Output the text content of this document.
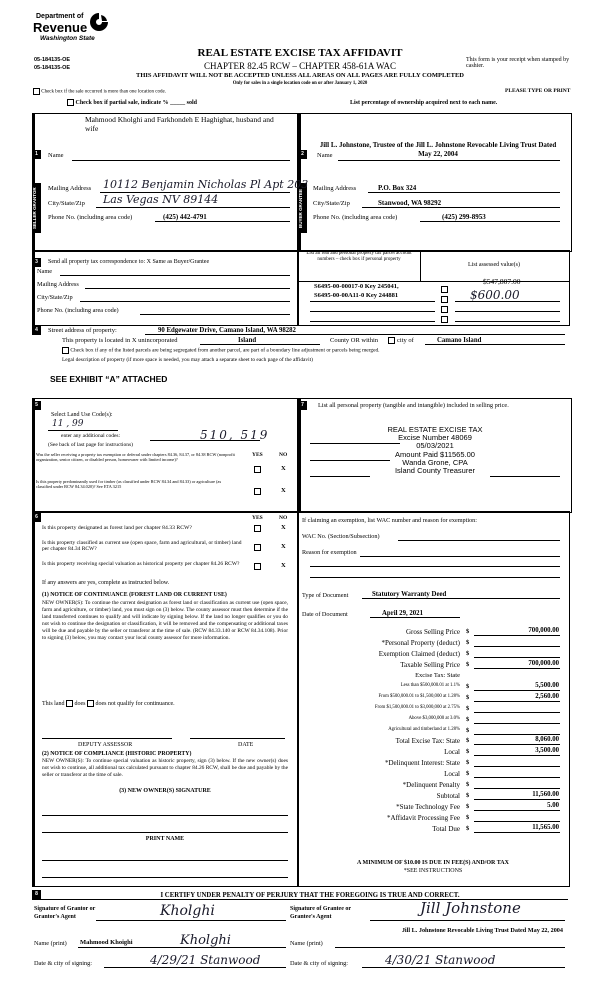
Department of
Revenue
Washington State
05-184135-OE
05-184135-OE
REAL ESTATE EXCISE TAX AFFIDAVIT
CHAPTER 82.45 RCW – CHAPTER 458-61A WAC
This form is your receipt when stamped by cashier.
THIS AFFIDAVIT WILL NOT BE ACCEPTED UNLESS ALL AREAS ON ALL PAGES ARE FULLY COMPLETED
Only for sales in a single location code on or after January 1, 2020
Check box if the sale occurred is more than one location code.	PLEASE TYPE OR PRINT
Check box if partial sale, indicate % _____ sold	List percentage of ownership acquired next to each name.
1	2
SELLER GRANTOR	BUYER GRANTEE
Mahmood Kholghi and Farkhondeh E Haghighat, husband and wife
Name
Mailing Address 10112 Benjamin Nicholas Pl Apt 203
City/State/Zip Las Vegas NV 89144
Phone No. (including area code)	(425) 442-4791
Jill L. Johnstone, Trustee of the Jill L. Johnstone Revocable Living Trust Dated May 22, 2004
Name
Mailing Address	P.O. Box 324
City/State/Zip	Stanwood, WA 98292
Phone No. (including area code)	(425) 299-8953
3	Send all property tax correspondence to: X Same as Buyer/Grantee
Name
Mailing Address
City/State/Zip
Phone No. (including area code)
List all real and personal property tax parcel account numbers – check box if personal property
List assessed value(s)
S6495-00-00017-0 Key 245041,
S6495-00-00A11-0 Key 244881
$547,807.00
$600.00
4	Street address of property:	90 Edgewater Drive, Camano Island, WA 98282
This property is located in X unincorporated	Island	County OR within	city of	Camano Island
Check box if any of the listed parcels are being segregated from another parcel, are part of a boundary line adjustment or parcels being merged.
Legal description of property (if more space is needed, you may attach a separate sheet to each page of the affidavit)
SEE EXHIBIT “A” ATTACHED
5	7
Select Land Use Code(s):
11 , 99
enter any additional codes:	510, 519
(See back of last page for instructions)
YES	NO
Was the seller receiving a property tax exemption or deferral under chapters 84.36, 84.37, or 84.38 RCW (nonprofit organization, senior citizen, or disabled person, homeowner with limited income)?
X
Is this property predominantly used for timber (as classified under RCW 84.34 and 84.33) or agriculture (as classified under RCW 84.34.020)? See ETA 3215
X
List all personal property (tangible and intangible) included in selling price.
REAL ESTATE EXCISE TAX
Excise Number 48069
05/03/2021
Amount Paid $11565.00
Wanda Grone, CPA
Island County Treasurer
6	YES	NO
Is this property designated as forest land per chapter 84.33 RCW?	X
Is this property classified as current use (open space, farm and agricultural, or timber) land per chapter 84.34 RCW?	X
Is this property receiving special valuation as historical property per chapter 84.26 RCW?	X
If any answers are yes, complete as instructed below.
(1) NOTICE OF CONTINUANCE (FOREST LAND OR CURRENT USE)
NEW OWNER(S): To continue the current designation as forest land or classification as current use (open space, farm and agriculture, or timber) land, you must sign on (3) below. The county assessor must then determine if the land transferred continues to qualify and will indicate by signing below. If the land no longer qualifies or you do not wish to continue the designation or classification, it will be removed and the compensating or additional taxes will be due and payable by the seller or transferor at the time of sale. (RCW 84.33.140 or RCW 84.34.108). Prior to signing (3) below, you may contact your local county assessor for more information.
This land does does not qualify for continuance.
DEPUTY ASSESSOR	DATE
(2) NOTICE OF COMPLIANCE (HISTORIC PROPERTY)
NEW OWNER(S): To continue special valuation as historic property, sign (3) below. If the new owner(s) does not wish to continue, all additional tax calculated pursuant to chapter 84.26 RCW, shall be due and payable by the seller or transferor at the time of sale.
(3) NEW OWNER(S) SIGNATURE
PRINT NAME
If claiming an exemption, list WAC number and reason for exemption:
WAC No. (Section/Subsection)
Reason for exemption
Type of Document	Statutory Warranty Deed
Date of Document	April 29, 2021
Gross Selling Price $	700,000.00
*Personal Property (deduct) $
Exemption Claimed (deduct) $
Taxable Selling Price $	700,000.00
Excise Tax: State
Less than $500,000.01 at 1.1% $	5,500.00
From $500,000.01 to $1,500,000 at 1.28% $	2,560.00
From $1,500,000.01 to $3,000,000 at 2.75% $
Above $3,000,000 at 3.0% $
Agricultural and timberland at 1.28% $
Total Excise Tax: State $	8,060.00
Local $	3,500.00
*Delinquent Interest: State $
Local $
*Delinquent Penalty $
Subtotal $	11,560.00
*State Technology Fee $	5.00
*Affidavit Processing Fee $
Total Due $	11,565.00
A MINIMUM OF $10.00 IS DUE IN FEE(S) AND/OR TAX
*SEE INSTRUCTIONS
8	I CERTIFY UNDER PENALTY OF PERJURY THAT THE FOREGOING IS TRUE AND CORRECT.
Signature of Grantor or Grantor's Agent	Kholghi	Signature of Grantee or Grantee's Agent	Jill Johnstone
Name (print) Mahmood Khoighi	Kholghi	Name (print)
Jill L. Johnstone Revocable Living Trust Dated May 22, 2004
Date & city of signing:	4/29/21 Stanwood	Date & city of signing:	4/30/21 Stanwood
